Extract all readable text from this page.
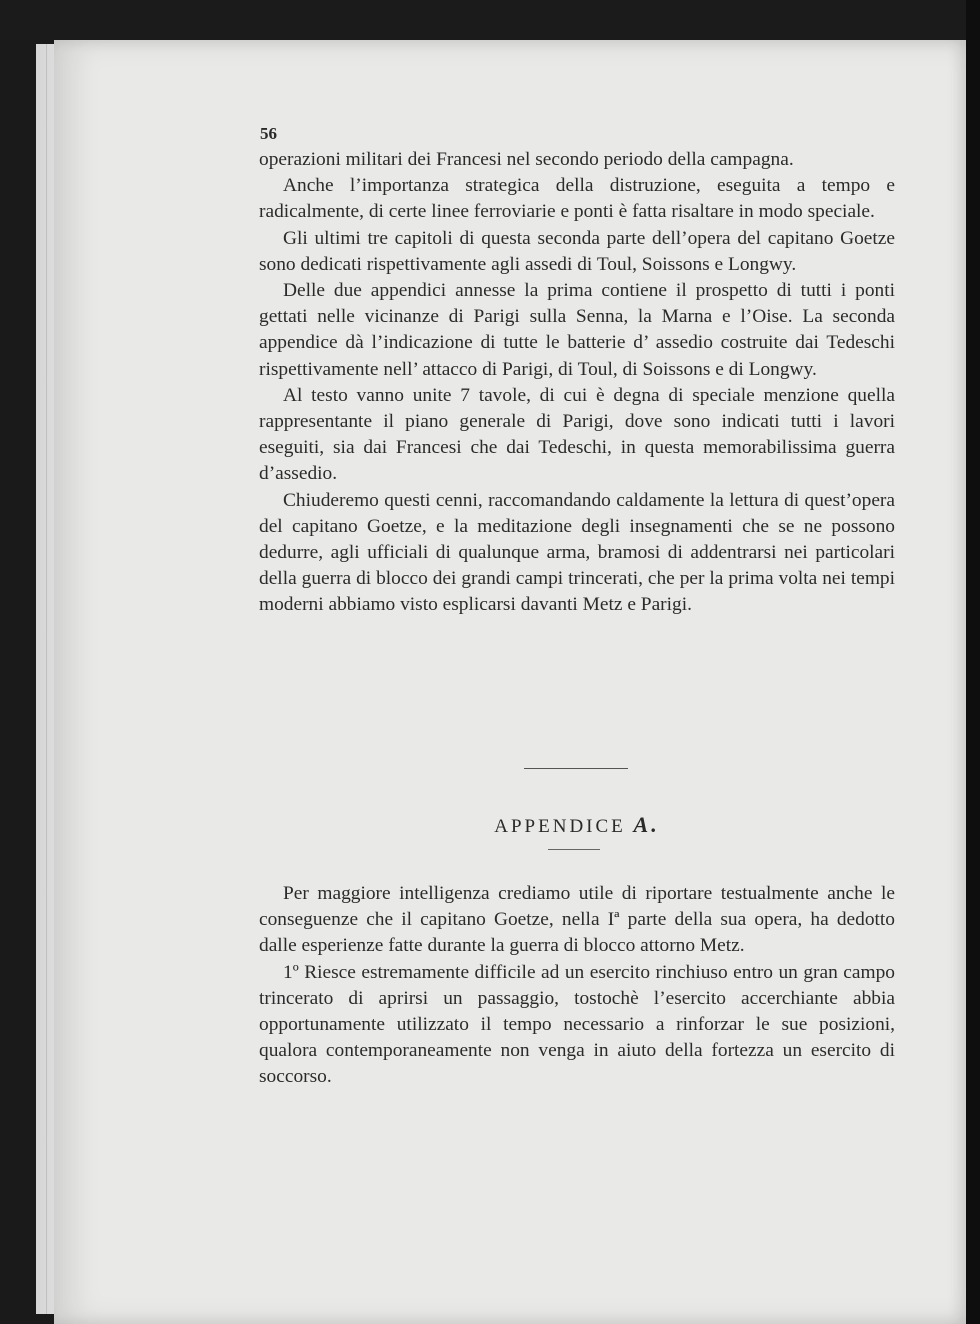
56

operazioni militari dei Francesi nel secondo periodo della campagna.

Anche l’importanza strategica della distruzione, eseguita a tempo e radicalmente, di certe linee ferroviarie e ponti è fatta risaltare in modo speciale.

Gli ultimi tre capitoli di questa seconda parte dell’opera del capitano Goetze sono dedicati rispettivamente agli assedi di Toul, Soissons e Longwy.

Delle due appendici annesse la prima contiene il prospetto di tutti i ponti gettati nelle vicinanze di Parigi sulla Senna, la Marna e l’Oise. La seconda appendice dà l’indicazione di tutte le batterie d’ assedio costruite dai Tedeschi rispettivamente nell’ attacco di Parigi, di Toul, di Soissons e di Longwy.

Al testo vanno unite 7 tavole, di cui è degna di speciale menzione quella rappresentante il piano generale di Parigi, dove sono indicati tutti i lavori eseguiti, sia dai Francesi che dai Tedeschi, in questa memorabilissima guerra d’assedio.

Chiuderemo questi cenni, raccomandando caldamente la lettura di quest’opera del capitano Goetze, e la meditazione degli insegnamenti che se ne possono dedurre, agli ufficiali di qualunque arma, bramosi di addentrarsi nei particolari della guerra di blocco dei grandi campi trincerati, che per la prima volta nei tempi moderni abbiamo visto esplicarsi davanti Metz e Parigi.

APPENDICE A.

Per maggiore intelligenza crediamo utile di riportare testualmente anche le conseguenze che il capitano Goetze, nella Iª parte della sua opera, ha dedotto dalle esperienze fatte durante la guerra di blocco attorno Metz.

1º Riesce estremamente difficile ad un esercito rinchiuso entro un gran campo trincerato di aprirsi un passaggio, tostochè l’esercito accerchiante abbia opportunamente utilizzato il tempo necessario a rinforzar le sue posizioni, qualora contemporaneamente non venga in aiuto della fortezza un esercito di soccorso.
